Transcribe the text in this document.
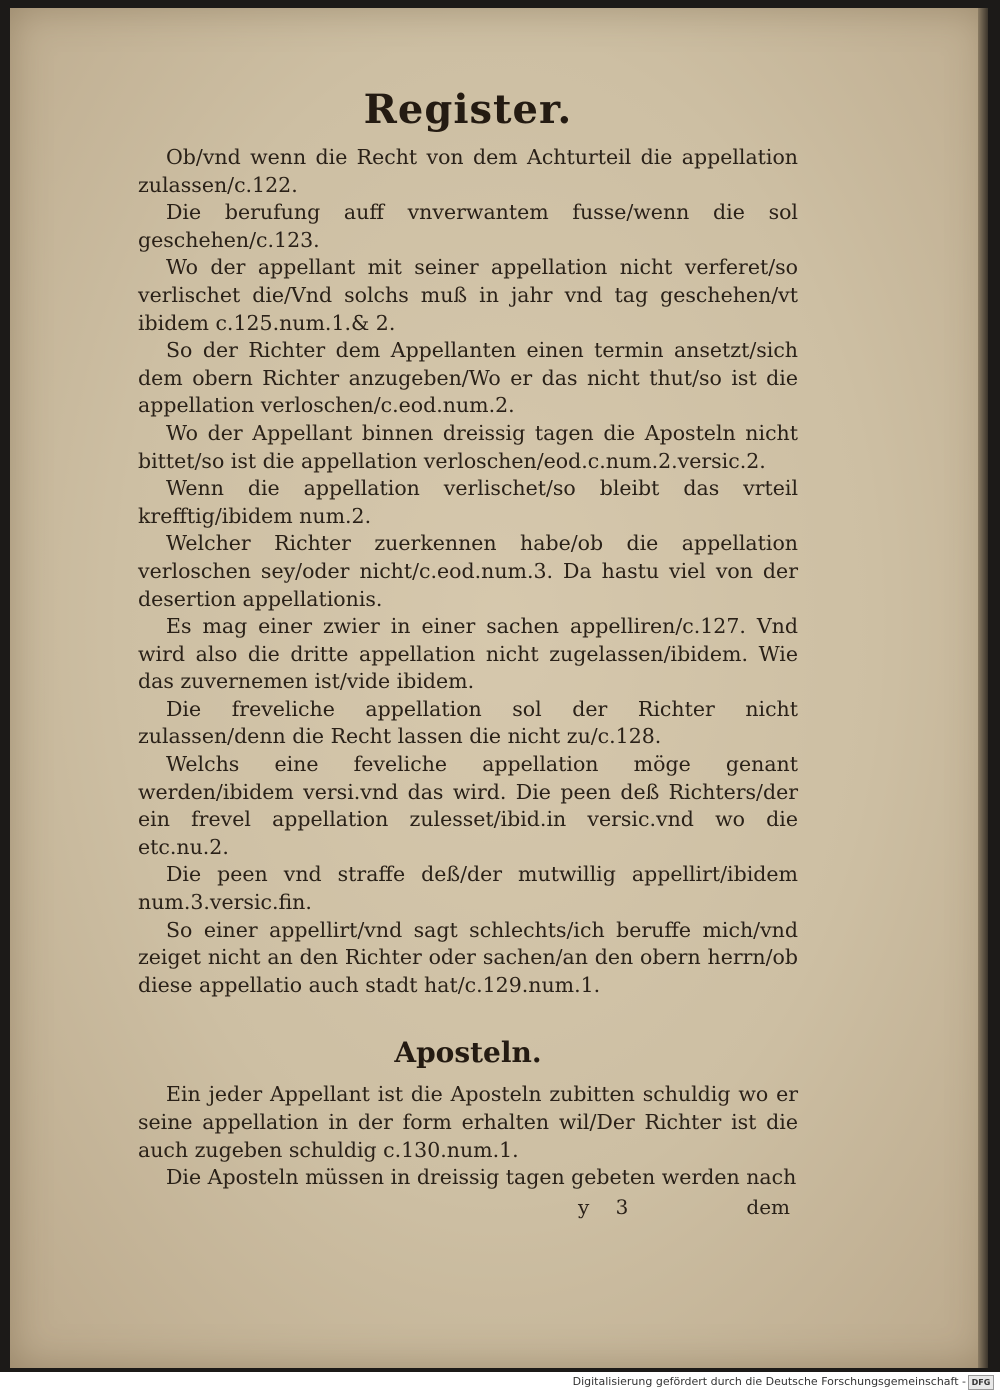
Register.

Ob/vnd wenn die Recht von dem Achturteil die appellation zulassen/c.122.

Die berufung auff vnverwantem fusse/wenn die sol geschehen/c.123.

Wo der appellant mit seiner appellation nicht verferet/so verlischet die/Vnd solchs muß in jahr vnd tag geschehen/vt ibidem c.125.num.1.& 2.

So der Richter dem Appellanten einen termin ansetzt/sich dem obern Richter anzugeben/Wo er das nicht thut/so ist die appellation verloschen/c.eod.num.2.

Wo der Appellant binnen dreissig tagen die Aposteln nicht bittet/so ist die appellation verloschen/eod.c.num.2.versic.2.

Wenn die appellation verlischet/so bleibt das vrteil krefftig/ibidem num.2.

Welcher Richter zuerkennen habe/ob die appellation verloschen sey/oder nicht/c.eod.num.3. Da hastu viel von der desertion appellationis.

Es mag einer zwier in einer sachen appelliren/c.127. Vnd wird also die dritte appellation nicht zugelassen/ibidem. Wie das zuvernemen ist/vide ibidem.

Die freveliche appellation sol der Richter nicht zulassen/denn die Recht lassen die nicht zu/c.128.

Welchs eine feveliche appellation möge genant werden/ibidem versi.vnd das wird. Die peen deß Richters/der ein frevel appellation zulesset/ibid.in versic.vnd wo die etc.nu.2.

Die peen vnd straffe deß/der mutwillig appellirt/ibidem num.3.versic.fin.

So einer appellirt/vnd sagt schlechts/ich beruffe mich/vnd zeiget nicht an den Richter oder sachen/an den obern herrn/ob diese appellatio auch stadt hat/c.129.num.1.

Aposteln.

Ein jeder Appellant ist die Aposteln zubitten schuldig wo er seine appellation in der form erhalten wil/Der Richter ist die auch zugeben schuldig c.130.num.1.

Die Aposteln müssen in dreissig tagen gebeten werden nach

y 3	dem
Digitalisierung gefördert durch die Deutsche Forschungsgemeinschaft - DFG
